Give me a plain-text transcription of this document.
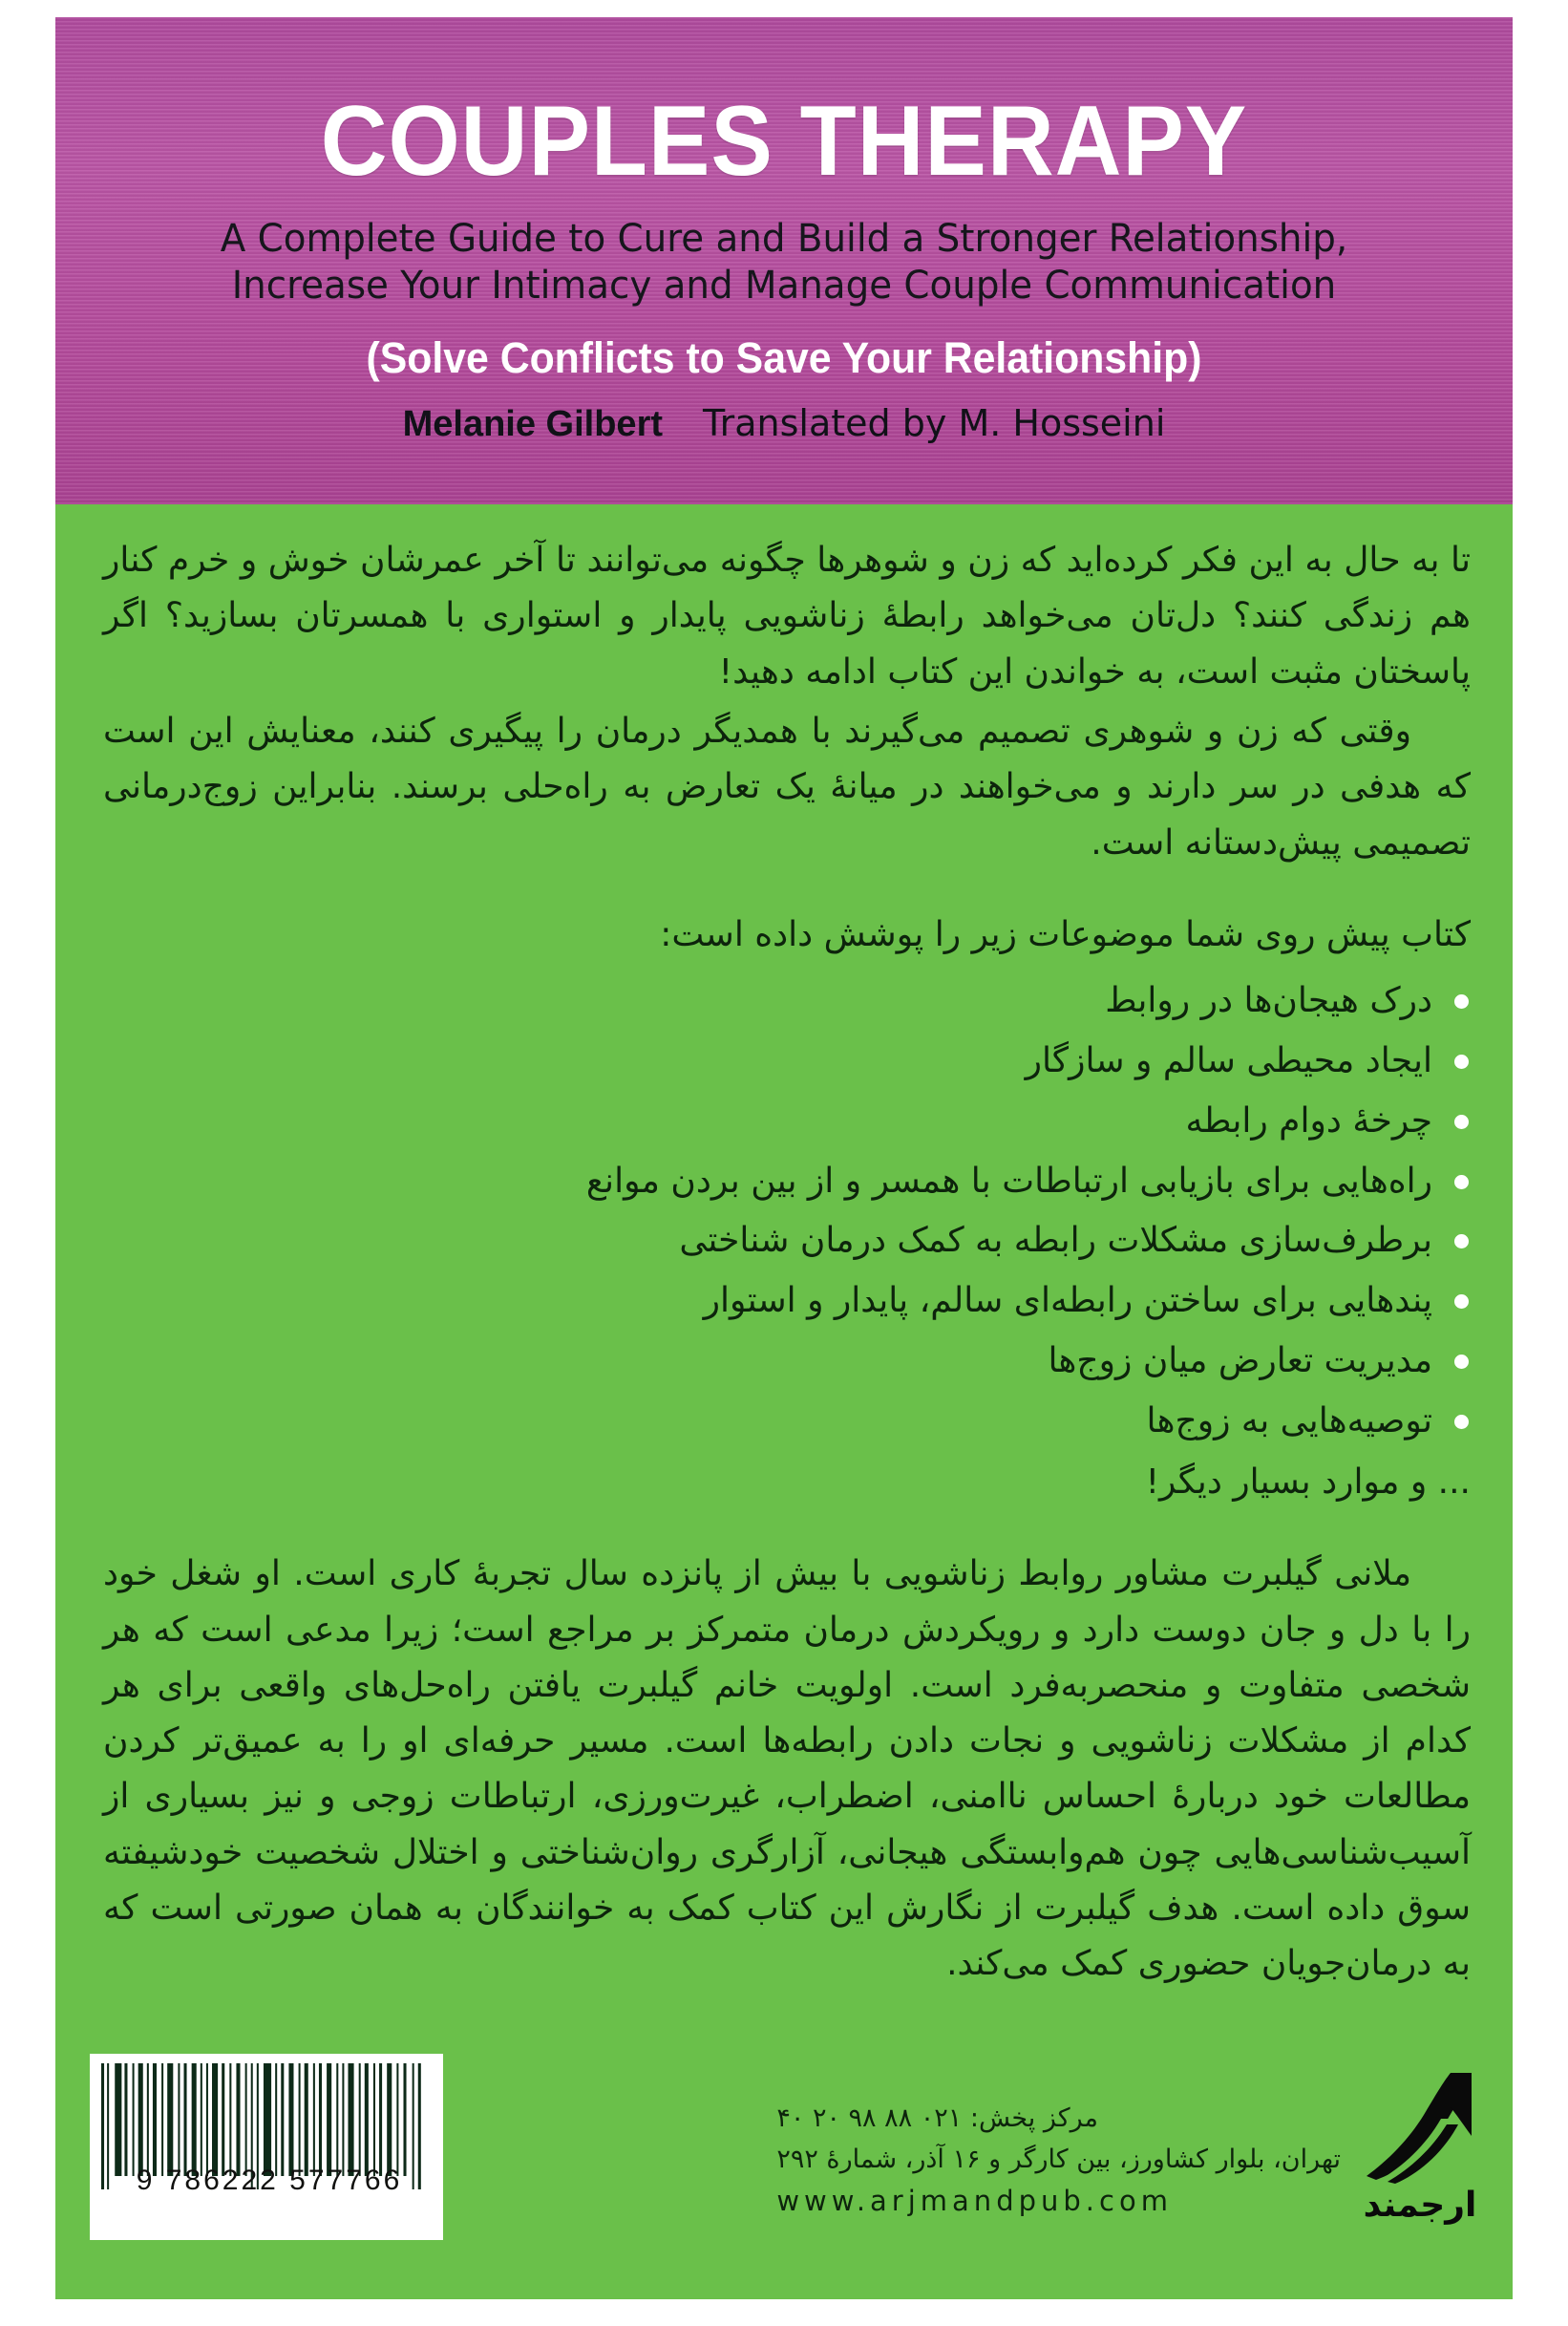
COUPLES THERAPY

A Complete Guide to Cure and Build a Stronger Relationship,
Increase Your Intimacy and Manage Couple Communication

(Solve Conflicts to Save Your Relationship)

Melanie Gilbert Translated by M. Hosseini

تا به حال به این فکر کرده‌اید که زن و شوهرها چگونه می‌توانند تا آخر عمرشان خوش و خرم کنار هم زندگی کنند؟ دل‌تان می‌خواهد رابطهٔ زناشویی پایدار و استواری با همسرتان بسازید؟ اگر پاسختان مثبت است، به خواندن این کتاب ادامه دهید!

وقتی که زن و شوهری تصمیم می‌گیرند با همدیگر درمان را پیگیری کنند، معنایش این است که هدفی در سر دارند و می‌خواهند در میانهٔ یک تعارض به راه‌حلی برسند. بنابراین زوج‌درمانی تصمیمی پیش‌دستانه است.

کتاب پیش روی شما موضوعات زیر را پوشش داده است:
درک هیجان‌ها در روابط
ایجاد محیطی سالم و سازگار
چرخهٔ دوام رابطه
راه‌هایی برای بازیابی ارتباطات با همسر و از بین بردن موانع
برطرف‌سازی مشکلات رابطه به کمک درمان شناختی
پندهایی برای ساختن رابطه‌ای سالم، پایدار و استوار
مدیریت تعارض میان زوج‌ها
توصیه‌هایی به زوج‌ها
... و موارد بسیار دیگر!

ملانی گیلبرت مشاور روابط زناشویی با بیش از پانزده سال تجربهٔ کاری است. او شغل خود را با دل و جان دوست دارد و رویکردش درمان متمرکز بر مراجع است؛ زیرا مدعی است که هر شخصی متفاوت و منحصربه‌فرد است. اولویت خانم گیلبرت یافتن راه‌حل‌های واقعی برای هر کدام از مشکلات زناشویی و نجات دادن رابطه‌ها است. مسیر حرفه‌ای او را به عمیق‌تر کردن مطالعات خود دربارهٔ احساس ناامنی، اضطراب، غیرت‌ورزی، ارتباطات زوجی و نیز بسیاری از آسیب‌شناسی‌هایی چون هم‌وابستگی هیجانی، آزارگری روان‌شناختی و اختلال شخصیت خودشیفته سوق داده است. هدف گیلبرت از نگارش این کتاب کمک به خوانندگان به همان صورتی است که به درمان‌جویان حضوری کمک می‌کند.

9 786222 577766
مرکز پخش: ۰۲۱ ۸۸ ۹۸ ۲۰ ۴۰
تهران، بلوار کشاورز، بین کارگر و ۱۶ آذر، شمارهٔ ۲۹۲
www.arjmandpub.com	ارجمند
